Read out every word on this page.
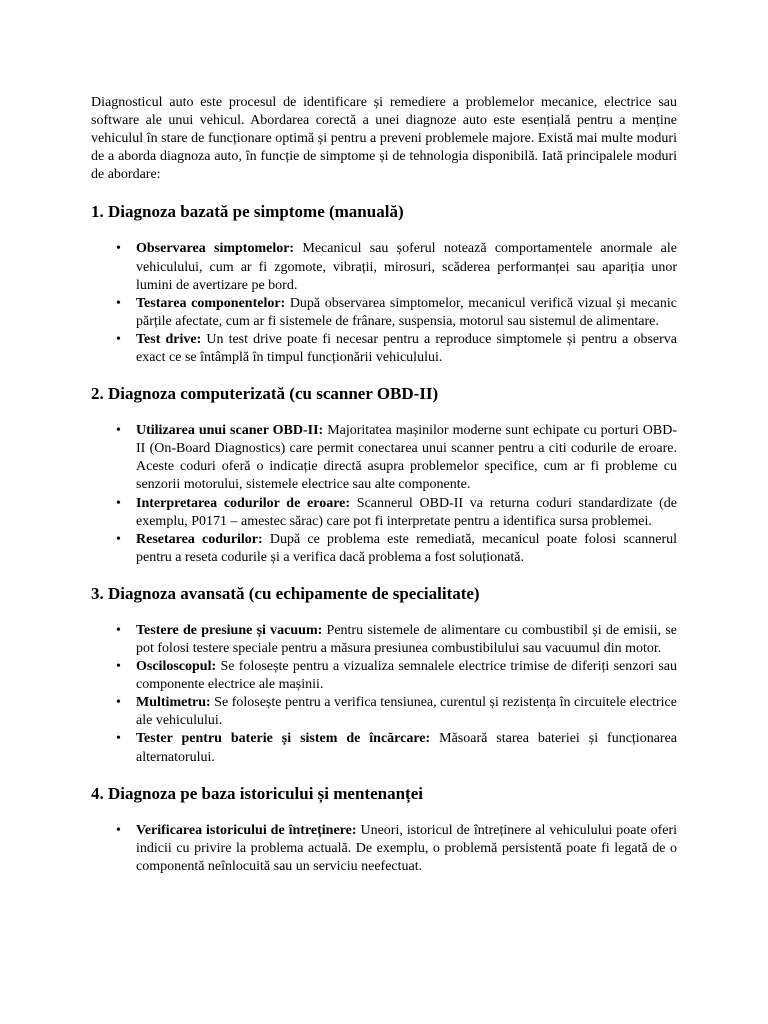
Diagnosticul auto este procesul de identificare și remediere a problemelor mecanice, electrice sau software ale unui vehicul. Abordarea corectă a unei diagnoze auto este esențială pentru a menține vehiculul în stare de funcționare optimă și pentru a preveni problemele majore. Există mai multe moduri de a aborda diagnoza auto, în funcție de simptome și de tehnologia disponibilă. Iată principalele moduri de abordare:

1. Diagnoza bazată pe simptome (manuală)
• Observarea simptomelor: Mecanicul sau șoferul notează comportamentele anormale ale vehiculului, cum ar fi zgomote, vibrații, mirosuri, scăderea performanței sau apariția unor lumini de avertizare pe bord.
• Testarea componentelor: După observarea simptomelor, mecanicul verifică vizual și mecanic părțile afectate, cum ar fi sistemele de frânare, suspensia, motorul sau sistemul de alimentare.
• Test drive: Un test drive poate fi necesar pentru a reproduce simptomele și pentru a observa exact ce se întâmplă în timpul funcționării vehiculului.
2. Diagnoza computerizată (cu scanner OBD-II)
• Utilizarea unui scaner OBD-II: Majoritatea mașinilor moderne sunt echipate cu porturi OBD-II (On-Board Diagnostics) care permit conectarea unui scanner pentru a citi codurile de eroare. Aceste coduri oferă o indicație directă asupra problemelor specifice, cum ar fi probleme cu senzorii motorului, sistemele electrice sau alte componente.
• Interpretarea codurilor de eroare: Scannerul OBD-II va returna coduri standardizate (de exemplu, P0171 – amestec sărac) care pot fi interpretate pentru a identifica sursa problemei.
• Resetarea codurilor: După ce problema este remediată, mecanicul poate folosi scannerul pentru a reseta codurile și a verifica dacă problema a fost soluționată.
3. Diagnoza avansată (cu echipamente de specialitate)
• Testere de presiune și vacuum: Pentru sistemele de alimentare cu combustibil și de emisii, se pot folosi testere speciale pentru a măsura presiunea combustibilului sau vacuumul din motor.
• Osciloscopul: Se folosește pentru a vizualiza semnalele electrice trimise de diferiți senzori sau componente electrice ale mașinii.
• Multimetru: Se folosește pentru a verifica tensiunea, curentul și rezistența în circuitele electrice ale vehiculului.
• Tester pentru baterie și sistem de încărcare: Măsoară starea bateriei și funcționarea alternatorului.
4. Diagnoza pe baza istoricului și mentenanței
• Verificarea istoricului de întreținere: Uneori, istoricul de întreținere al vehiculului poate oferi indicii cu privire la problema actuală. De exemplu, o problemă persistentă poate fi legată de o componentă neînlocuită sau un serviciu neefectuat.
